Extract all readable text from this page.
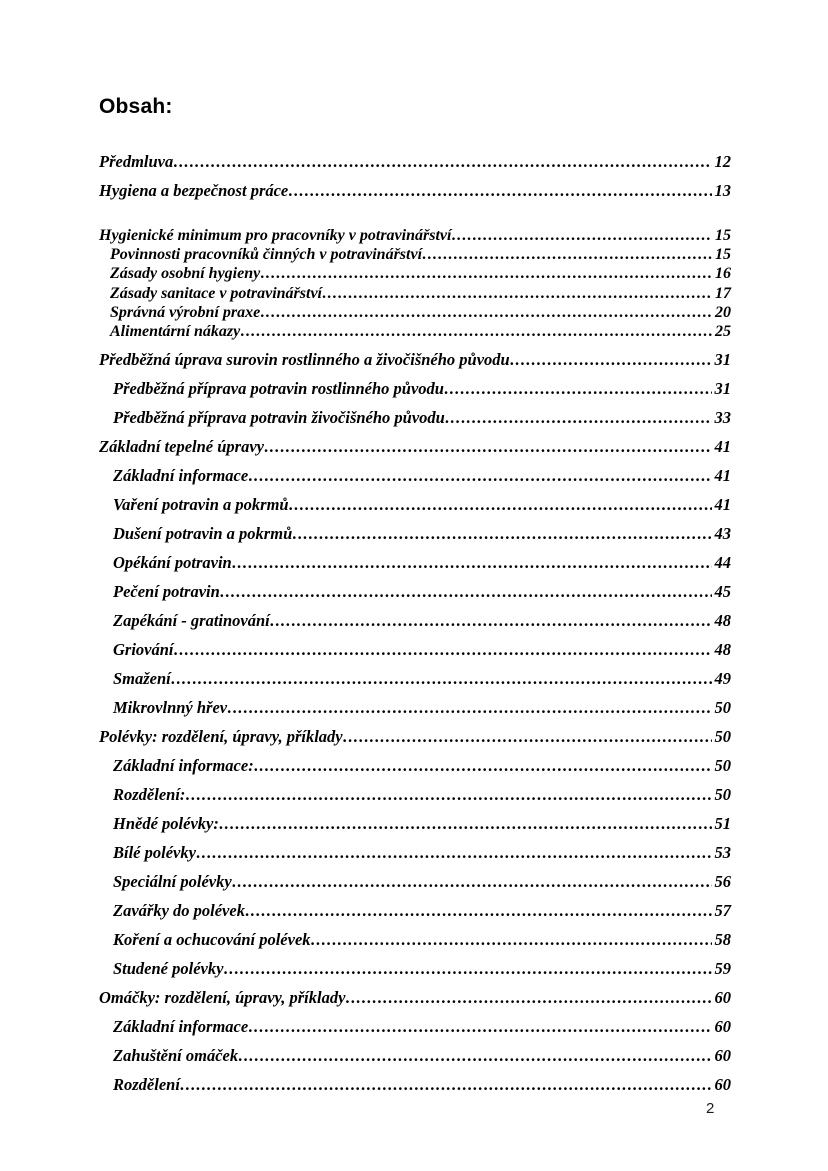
Obsah:
Předmluva .....	12
Hygiena a bezpečnost práce .....	13
Hygienické minimum pro pracovníky v potravinářství .....	15
Povinnosti pracovníků činných v potravinářství .....	15
Zásady osobní hygieny .....	16
Zásady sanitace v potravinářství .....	17
Správná výrobní praxe .....	20
Alimentární nákazy .....	25
Předběžná úprava surovin rostlinného a živočišného původu .....	31
Předběžná příprava potravin rostlinného původu .....	31
Předběžná příprava potravin živočišného původu .....	33
Základní tepelné úpravy .....	41
Základní informace .....	41
Vaření potravin a pokrmů .....	41
Dušení potravin a pokrmů .....	43
Opékání potravin .....	44
Pečení potravin .....	45
Zapékání - gratinování .....	48
Griování .....	48
Smažení .....	49
Mikrovlnný hřev .....	50
Polévky: rozdělení, úpravy, příklady .....	50
Základní informace: .....	50
Rozdělení: .....	50
Hnědé polévky: .....	51
Bílé polévky .....	53
Speciální polévky .....	56
Zavářky do polévek .....	57
Koření a ochucování polévek .....	58
Studené polévky .....	59
Omáčky: rozdělení, úpravy, příklady .....	60
Základní informace .....	60
Zahuštění omáček .....	60
Rozdělení .....	60
2
